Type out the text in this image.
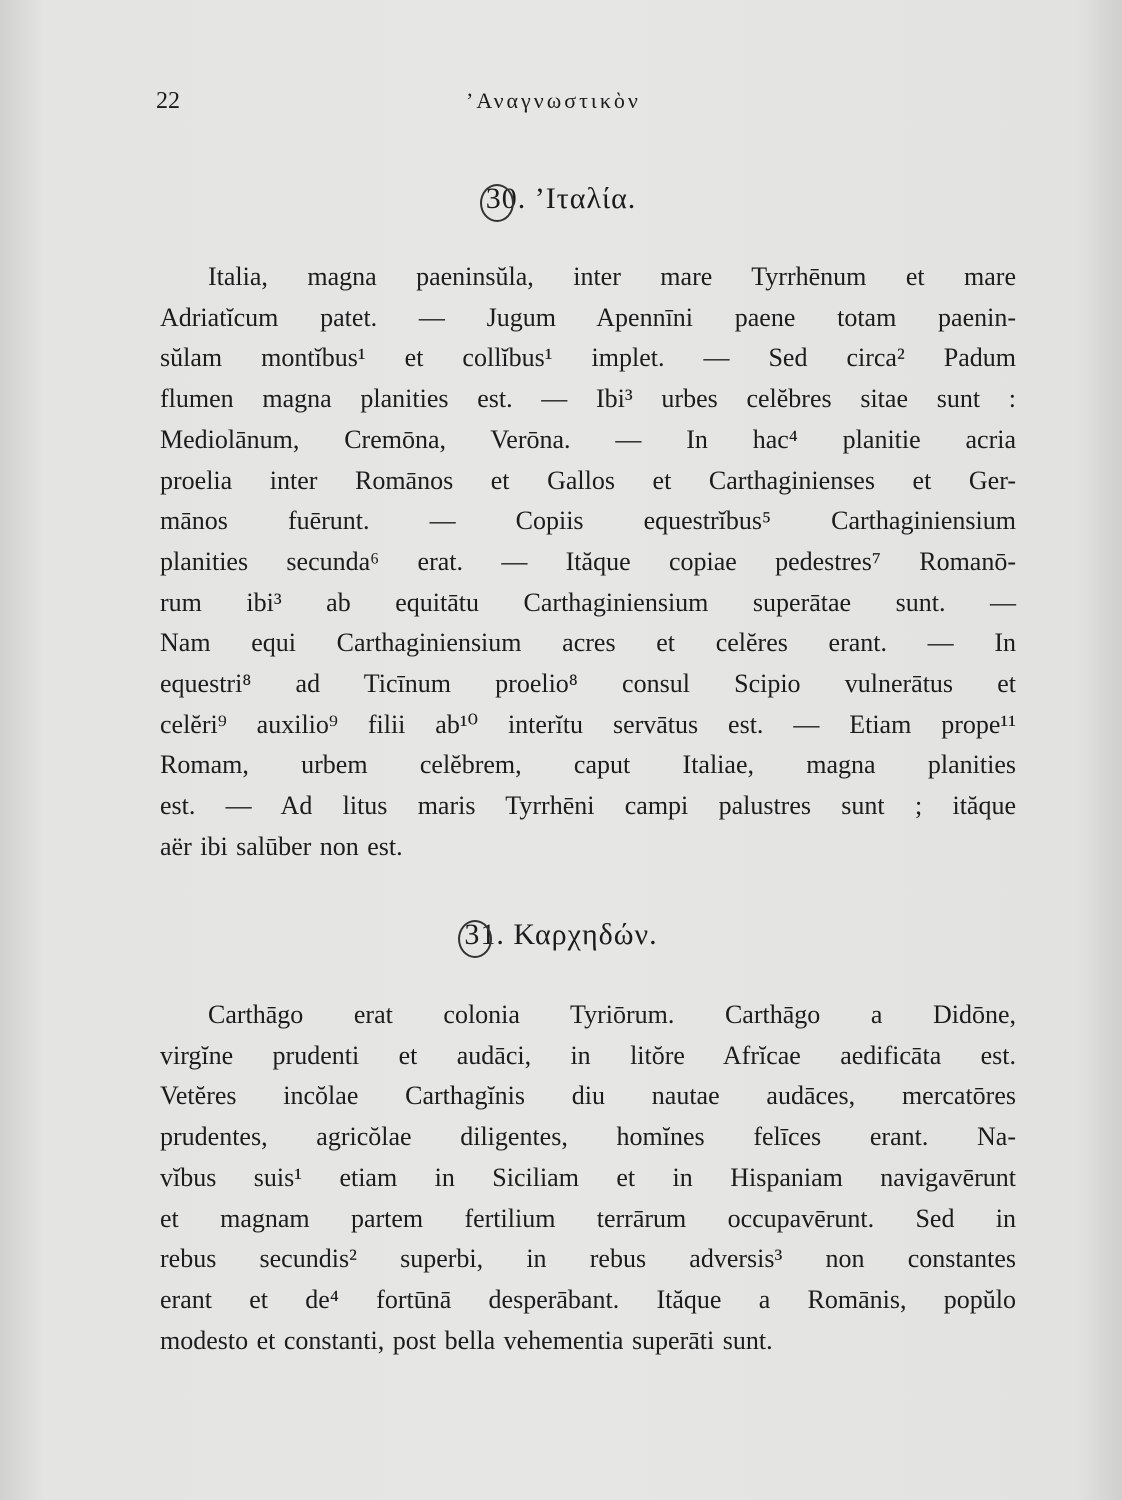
22	’Αναγνωστικὸν
30. ’Ιταλία.
Italia, magna paeninsŭla, inter mare Tyrrhēnum et mare
Adriatĭcum patet. — Jugum Apennīni paene totam paenin-
sŭlam montĭbus¹ et collĭbus¹ implet. — Sed circa² Padum
flumen magna planities est. — Ibi³ urbes celĕbres sitae sunt :
Mediolānum, Cremōna, Verōna. — In hac⁴ planitie acria
proelia inter Romānos et Gallos et Carthaginienses et Ger-
mānos fuērunt. — Copiis equestrĭbus⁵ Carthaginiensium
planities secunda⁶ erat. — Ităque copiae pedestres⁷ Romanō-
rum ibi³ ab equitātu Carthaginiensium superātae sunt. —
Nam equi Carthaginiensium acres et celĕres erant. — In
equestri⁸ ad Ticīnum proelio⁸ consul Scipio vulnerātus et
celĕri⁹ auxilio⁹ filii ab¹⁰ interĭtu servātus est. — Etiam prope¹¹
Romam, urbem celĕbrem, caput Italiae, magna planities
est. — Ad litus maris Tyrrhēni campi palustres sunt ; ităque
aër ibi salūber non est.
31. Καρχηδών.
Carthāgo erat colonia Tyriōrum. Carthāgo a Didōne,
virgĭne prudenti et audāci, in litŏre Afrĭcae aedificāta est.
Vetĕres incŏlae Carthagĭnis diu nautae audāces, mercatōres
prudentes, agricŏlae diligentes, homĭnes felīces erant. Na-
vĭbus suis¹ etiam in Siciliam et in Hispaniam navigavērunt
et magnam partem fertilium terrārum occupavērunt. Sed in
rebus secundis² superbi, in rebus adversis³ non constantes
erant et de⁴ fortūnā desperābant. Ităque a Romānis, popŭlo
modesto et constanti, post bella vehementia superāti sunt.
